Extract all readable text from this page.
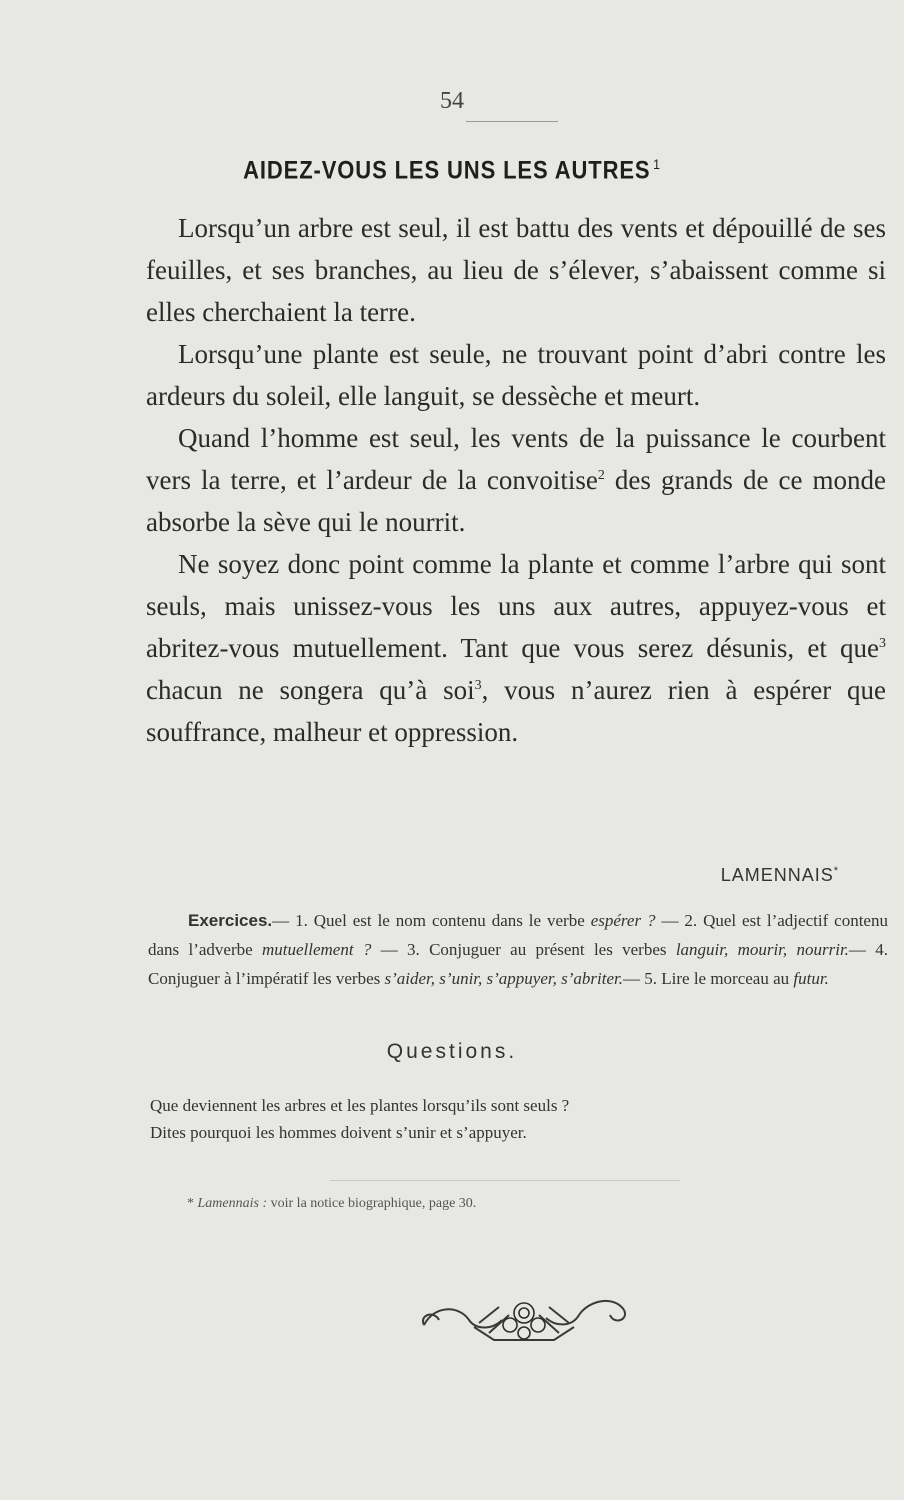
54
AIDEZ-VOUS LES UNS LES AUTRES $^1$

Lorsqu’un arbre est seul, il est battu des vents et dépouillé de ses feuilles, et ses branches, au lieu de s’élever, s’abaissent comme si elles cherchaient la terre.

Lorsqu’une plante est seule, ne trouvant point d’abri contre les ardeurs du soleil, elle languit, se dessèche et meurt.

Quand l’homme est seul, les vents de la puissance le courbent vers la terre, et l’ardeur de la convoitise$^2$ des grands de ce monde absorbe la sève qui le nourrit.

Ne soyez donc point comme la plante et comme l’arbre qui sont seuls, mais unissez-vous les uns aux autres, appuyez-vous et abritez-vous mutuellement. Tant que vous serez désunis, et que$^3$ chacun ne songera qu’à soi$^3$, vous n’aurez rien à espérer que souffrance, malheur et oppression.

LAMENNAIS*

Exercices.— 1. Quel est le nom contenu dans le verbe espérer ? — 2. Quel est l’adjectif contenu dans l’adverbe mutuellement ? — 3. Conjuguer au présent les verbes languir, mourir, nourrir.— 4. Conjuguer à l’impératif les verbes s’aider, s’unir, s’appuyer, s’abriter.— 5. Lire le morceau au futur.

Questions.
Que deviennent les arbres et les plantes lorsqu’ils sont seuls ?
Dites pourquoi les hommes doivent s’unir et s’appuyer.
* Lamennais : voir la notice biographique, page 30.
